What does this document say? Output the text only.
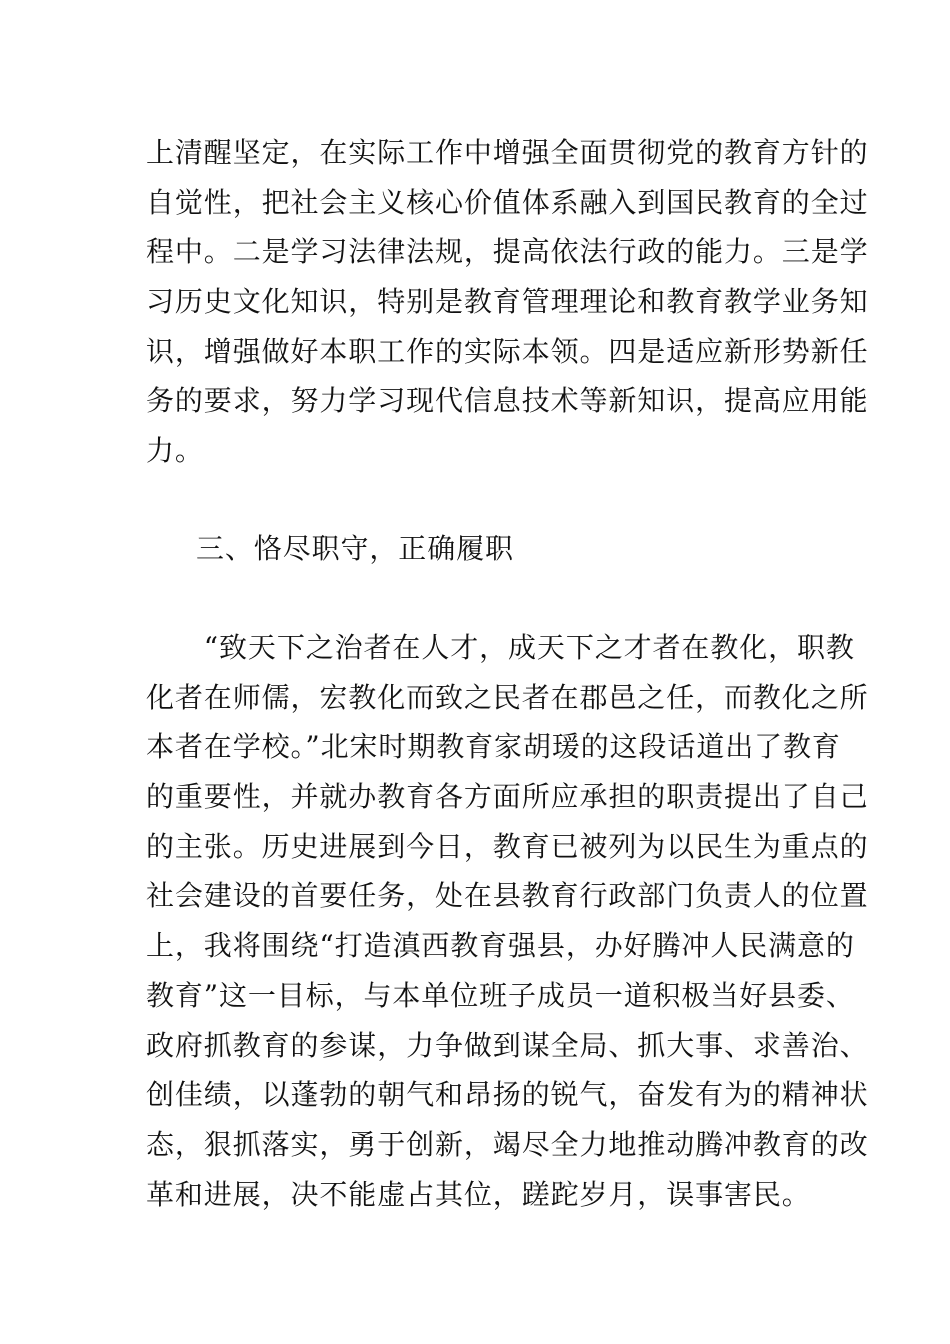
上清醒坚定，在实际工作中增强全面贯彻党的教育方针的
自觉性，把社会主义核心价值体系融入到国民教育的全过
程中。二是学习法律法规，提高依法行政的能力。三是学
习历史文化知识，特别是教育管理理论和教育教学业务知
识，增强做好本职工作的实际本领。四是适应新形势新任
务的要求，努力学习现代信息技术等新知识，提高应用能
力。
三、恪尽职守，正确履职
　　“致天下之治者在人才，成天下之才者在教化，职教
化者在师儒，宏教化而致之民者在郡邑之任，而教化之所
本者在学校。”北宋时期教育家胡瑗的这段话道出了教育
的重要性，并就办教育各方面所应承担的职责提出了自己
的主张。历史进展到今日，教育已被列为以民生为重点的
社会建设的首要任务，处在县教育行政部门负责人的位置
上，我将围绕“打造滇西教育强县，办好腾冲人民满意的
教育”这一目标，与本单位班子成员一道积极当好县委、
政府抓教育的参谋，力争做到谋全局、抓大事、求善治、
创佳绩，以蓬勃的朝气和昂扬的锐气，奋发有为的精神状
态，狠抓落实，勇于创新，竭尽全力地推动腾冲教育的改
革和进展，决不能虚占其位，蹉跎岁月，误事害民。
